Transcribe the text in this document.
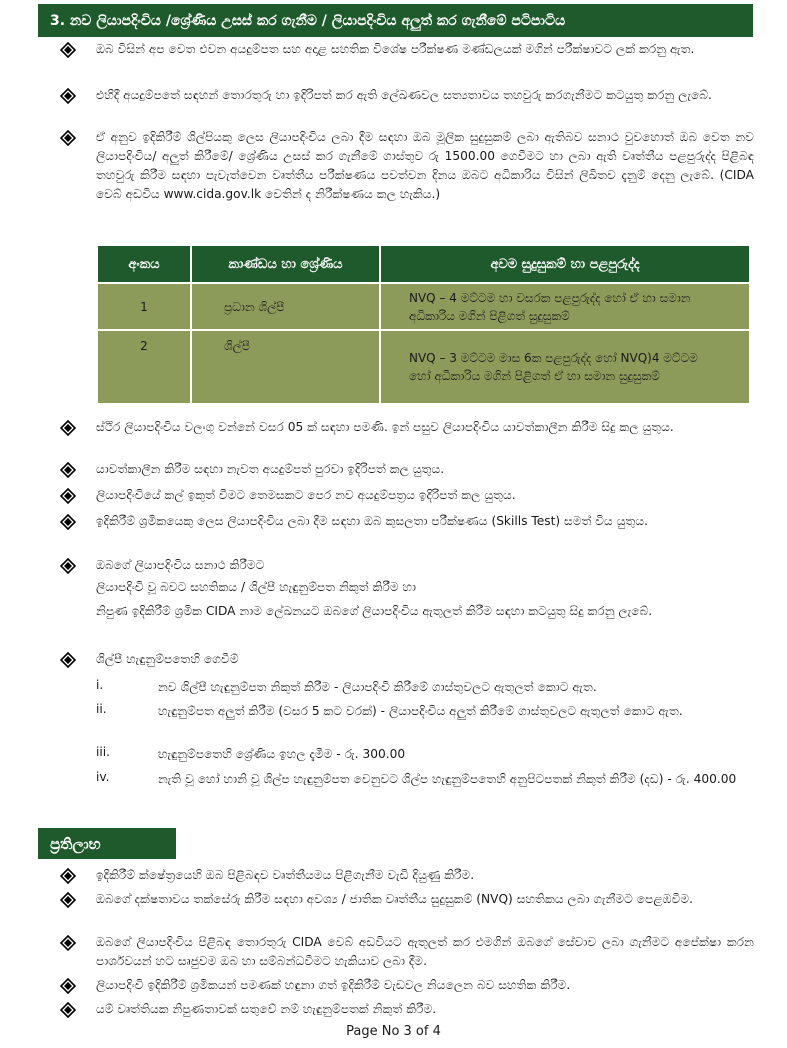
3. නව ලියාපදිංචිය /ශ්‍රේණිය උසස් කර ගැනීම / ලියාපදිංචිය අලුත් කර ගැනීමේ පටිපාටිය
ඔබ විසින් අප වෙත එවන අයදුම්පත සහ අදාළ සහතික විශේෂ පරීක්ෂණ මණ්ඩලයක් මගින් පරීක්ෂාවට ලක් කරනු ඇත.
එහිදී අයදුම්පතේ සඳහන් තොරතුරු හා ඉදිරිපත් කර ඇති ලේඛණවල සත්‍යතාවය තහවුරු කරගැනීමට කටයුතු කරනු ලැබේ.
ඒ අනුව ඉදිකිරීම් ශිල්පියකු ලෙස ලියාපදිංචිය ලබා දීම සඳහා ඔබ මූලික සුදුසුකම් ලබා ඇතිබව සනාථ වුවහොත් ඔබ වෙත නව ලියාපදිංචිය/ අලුත් කිරීමේ/ ශ්‍රේණිය උසස් කර ගැනීමේ ගාස්තුව රු 1500.00 ගෙවීමට හා ලබා ඇති වෘත්තීය පළපුරුද්ද පිළිබඳ තහවුරු කිරීම සඳහා පැවැත්වෙන වෘත්තීය පරීක්ෂණය පවත්වන දිනය ඔබට අධිකාරිය විසින් ලිඛිතව දැනුම් දෙනු ලැබේ. (CIDA වෙබ් අඩවිය www.cida.gov.lk වෙතින් ද නිරීක්ෂණය කල හැකිය.)
අංකය	කාණ්ඩය හා ශ්‍රේණිය	අවම සුදුසුකම් හා පළපුරුද්ද
1	ප්‍රධාන ශිල්පී	NVQ – 4 මට්ටම හා වසරක පළපුරුද්ද හෝ ඒ හා සමාන අධිකාරිය මගින් පිළිගත් සුදුසුකම්
2	ශිල්පී	NVQ – 3 මට්ටම මාස 6ක පළපුරුද්ද හෝ NVQ)4 මට්ටම හෝ අධිකාරිය මගින් පිළිගත් ඒ හා සමාන සුදුසුකම්
ස්ථිර ලියාපදිංචිය වලංගු වන්නේ වසර 05 ක් සඳහා පමණි. ඉන් පසුව ලියාපදිංචිය යාවත්කාලීන කිරීම සිදු කල යුතුය.
යාවත්කාලීන කිරීම සඳහා නැවත අයදුම්පත් පුරවා ඉදිරිපත් කල යුතුය.
ලියාපදිංචියේ කල් ඉකුත් වීමට තෙමසකට පෙර නව අයදුම්පත්‍රය ඉදිරිපත් කල යුතුය.
ඉදිකිරීම් ශ්‍රමිකයෙකු ලෙස ලියාපදිංචිය ලබා දීම සඳහා ඔබ කුසලතා පරීක්ෂණය (Skills Test) සමත් විය යුතුය.
ඔබගේ ලියාපදිංචිය සනාථ කිරීමට
ලියාපදිංචි වූ බවට සහතිකය / ශිල්පී හැඳුනුම්පත නිකුත් කිරීම හා
නිපුණ ඉදිකිරීම් ශ්‍රමික CIDA නාම ලේඛනයට ඔබගේ ලියාපදිංචිය ඇතුලත් කිරීම සඳහා කටයුතු සිදු කරනු ලැබේ.
ශිල්පී හැඳුනුම්පතෙහි ගෙවීම්
i.	නව ශිල්පී හැඳුනුම්පත නිකුත් කිරීම - ලියාපදිංචි කිරීමේ ගාස්තුවලට ඇතුලත් කොට ඇත.
ii.	හැඳුනුම්පත අලුත් කිරීම (වසර 5 කට වරක්) - ලියාපදිංචිය අලුත් කිරීමේ ගාස්තුවලට ඇතුලත් කොට ඇත.
iii.	හැඳුනුම්පතෙහි ශ්‍රේණිය ඉහල දැමීම - රු. 300.00
iv.	නැති වූ හෝ හානි වූ ශිල්ප හැඳුනුම්පත වෙනුවට ශිල්ප හැඳුනුම්පතෙහි අනුපිටපතක් නිකුත් කිරීම (දඩ) - රු. 400.00
ප්‍රතිලාභ
ඉදිකිරීම් ක්ෂේත්‍රයෙහි ඔබ පිළිබඳව වෘත්තීයමය පිළිගැනීම වැඩි දියුණු කිරීම.
ඔබගේ දක්ෂතාවය තක්සේරු කිරීම සඳහා අවශ්‍ය / ජාතික වෘත්තීය සුදුසුකම් (NVQ) සහතිකය ලබා ගැනීමට පෙළඹවීම.
ඔබගේ ලියාපදිංචිය පිළිබඳ තොරතුරු CIDA වෙබ් අඩවියට ඇතුලත් කර එමගින් ඔබගේ සේවාව ලබා ගැනීමට අපේක්ෂා කරන පාර්ශවයන් හට සෘජුවම ඔබ හා සම්බන්ධවීමට හැකියාව ලබා දීම.
ලියාපදිංචි ඉදිකිරීම් ශ්‍රමිකයන් පමණක් හඳුනා ගත් ඉදිකිරීම් වැඩවල නියලෙන බව සහතික කිරීම.
යම් වෘත්තියක නිපුණතාවක් සතුවේ නම් හැඳුනුම්පතක් නිකුත් කිරීම.
Page No 3 of 4
